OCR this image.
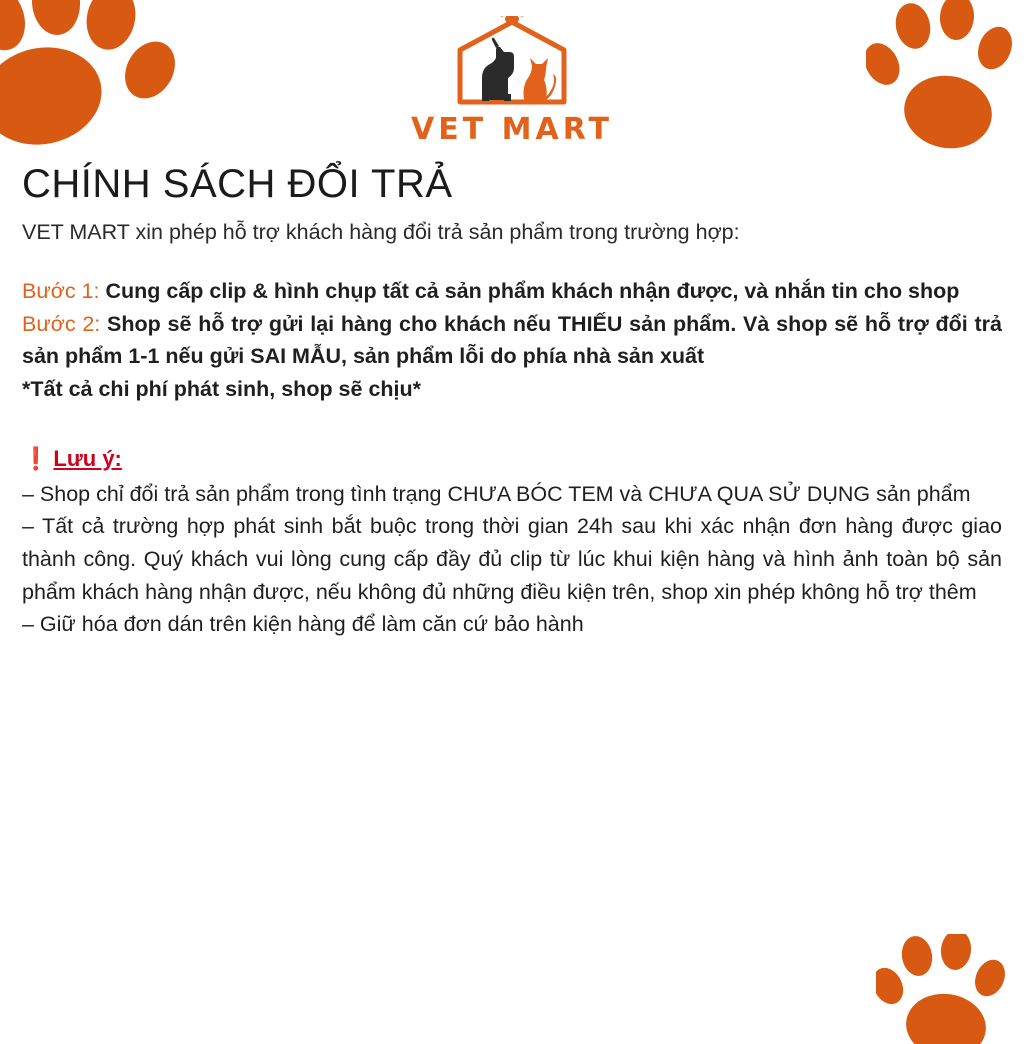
VET MART
CHÍNH SÁCH ĐỔI TRẢ
VET MART xin phép hỗ trợ khách hàng đổi trả sản phẩm trong trường hợp:

Bước 1: Cung cấp clip & hình chụp tất cả sản phẩm khách nhận được, và nhắn tin cho shop

Bước 2: Shop sẽ hỗ trợ gửi lại hàng cho khách nếu THIẾU sản phẩm. Và shop sẽ hỗ trợ đổi trả sản phẩm 1-1 nếu gửi SAI MẪU, sản phẩm lỗi do phía nhà sản xuất

*Tất cả chi phí phát sinh, shop sẽ chịu*

❗ Lưu ý:

– Shop chỉ đổi trả sản phẩm trong tình trạng CHƯA BÓC TEM và CHƯA QUA SỬ DỤNG sản phẩm

– Tất cả trường hợp phát sinh bắt buộc trong thời gian 24h sau khi xác nhận đơn hàng được giao thành công. Quý khách vui lòng cung cấp đầy đủ clip từ lúc khui kiện hàng và hình ảnh toàn bộ sản phẩm khách hàng nhận được, nếu không đủ những điều kiện trên, shop xin phép không hỗ trợ thêm

– Giữ hóa đơn dán trên kiện hàng để làm căn cứ bảo hành
